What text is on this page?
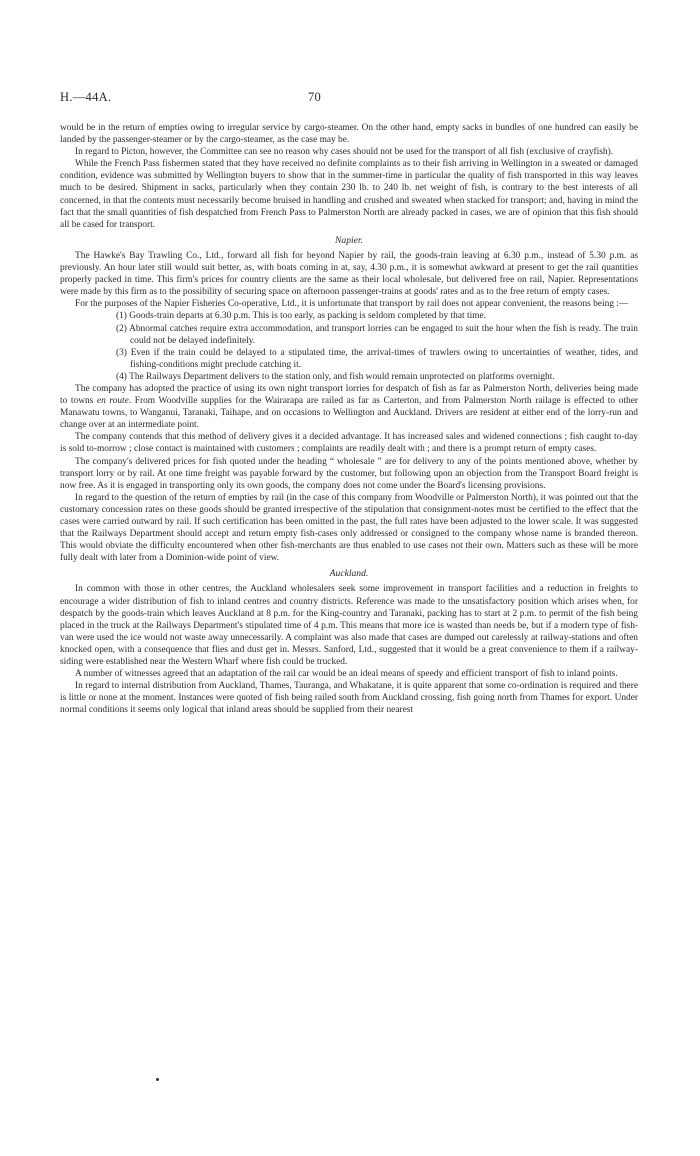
H.—44A.	70

would be in the return of empties owing to irregular service by cargo-steamer. On the other hand, empty sacks in bundles of one hundred can easily be landed by the passenger-steamer or by the cargo-steamer, as the case may be.

In regard to Picton, however, the Committee can see no reason why cases should not be used for the transport of all fish (exclusive of crayfish).

While the French Pass fishermen stated that they have received no definite complaints as to their fish arriving in Wellington in a sweated or damaged condition, evidence was submitted by Wellington buyers to show that in the summer-time in particular the quality of fish transported in this way leaves much to be desired. Shipment in sacks, particularly when they contain 230 lb. to 240 lb. net weight of fish, is contrary to the best interests of all concerned, in that the contents must necessarily become bruised in handling and crushed and sweated when stacked for transport; and, having in mind the fact that the small quantities of fish despatched from French Pass to Palmerston North are already packed in cases, we are of opinion that this fish should all be cased for transport.

Napier.

The Hawke's Bay Trawling Co., Ltd., forward all fish for beyond Napier by rail, the goods-train leaving at 6.30 p.m., instead of 5.30 p.m. as previously. An hour later still would suit better, as, with boats coming in at, say, 4.30 p.m., it is somewhat awkward at present to get the rail quantities properly packed in time. This firm's prices for country clients are the same as their local wholesale, but delivered free on rail, Napier. Representations were made by this firm as to the possibility of securing space on afternoon passenger-trains at goods' rates and as to the free return of empty cases.

For the purposes of the Napier Fisheries Co-operative, Ltd., it is unfortunate that transport by rail does not appear convenient, the reasons being :—

(1) Goods-train departs at 6.30 p.m. This is too early, as packing is seldom completed by that time.
(2) Abnormal catches require extra accommodation, and transport lorries can be engaged to suit the hour when the fish is ready. The train could not be delayed indefinitely.
(3) Even if the train could be delayed to a stipulated time, the arrival-times of trawlers owing to uncertainties of weather, tides, and fishing-conditions might preclude catching it.
(4) The Railways Department delivers to the station only, and fish would remain unprotected on platforms overnight.

The company has adopted the practice of using its own night transport lorries for despatch of fish as far as Palmerston North, deliveries being made to towns en route. From Woodville supplies for the Wairarapa are railed as far as Carterton, and from Palmerston North railage is effected to other Manawatu towns, to Wanganui, Taranaki, Taihape, and on occasions to Wellington and Auckland. Drivers are resident at either end of the lorry-run and change over at an intermediate point.

The company contends that this method of delivery gives it a decided advantage. It has increased sales and widened connections ; fish caught to-day is sold to-morrow ; close contact is maintained with customers ; complaints are readily dealt with ; and there is a prompt return of empty cases.

The company's delivered prices for fish quoted under the heading “ wholesale ” are for delivery to any of the points mentioned above, whether by transport lorry or by rail. At one time freight was payable forward by the customer, but following upon an objection from the Transport Board freight is now free. As it is engaged in transporting only its own goods, the company does not come under the Board's licensing provisions.

In regard to the question of the return of empties by rail (in the case of this company from Woodville or Palmerston North), it was pointed out that the customary concession rates on these goods should be granted irrespective of the stipulation that consignment-notes must be certified to the effect that the cases were carried outward by rail. If such certification has been omitted in the past, the full rates have been adjusted to the lower scale. It was suggested that the Railways Department should accept and return empty fish-cases only addressed or consigned to the company whose name is branded thereon. This would obviate the difficulty encountered when other fish-merchants are thus enabled to use cases not their own. Matters such as these will be more fully dealt with later from a Dominion-wide point of view.

Auckland.

In common with those in other centres, the Auckland wholesalers seek some improvement in transport facilities and a reduction in freights to encourage a wider distribution of fish to inland centres and country districts. Reference was made to the unsatisfactory position which arises when, for despatch by the goods-train which leaves Auckland at 8 p.m. for the King-country and Taranaki, packing has to start at 2 p.m. to permit of the fish being placed in the truck at the Railways Department's stipulated time of 4 p.m. This means that more ice is wasted than needs be, but if a modern type of fish-van were used the ice would not waste away unnecessarily. A complaint was also made that cases are dumped out carelessly at railway-stations and often knocked open, with a consequence that flies and dust get in. Messrs. Sanford, Ltd., suggested that it would be a great convenience to them if a railway-siding were established near the Western Wharf where fish could be trucked.

A number of witnesses agreed that an adaptation of the rail car would be an ideal means of speedy and efficient transport of fish to inland points.

In regard to internal distribution from Auckland, Thames, Tauranga, and Whakatane, it is quite apparent that some co-ordination is required and there is little or none at the moment. Instances were quoted of fish being railed south from Auckland crossing, fish going north from Thames for export. Under normal conditions it seems only logical that inland areas should be supplied from their nearest
